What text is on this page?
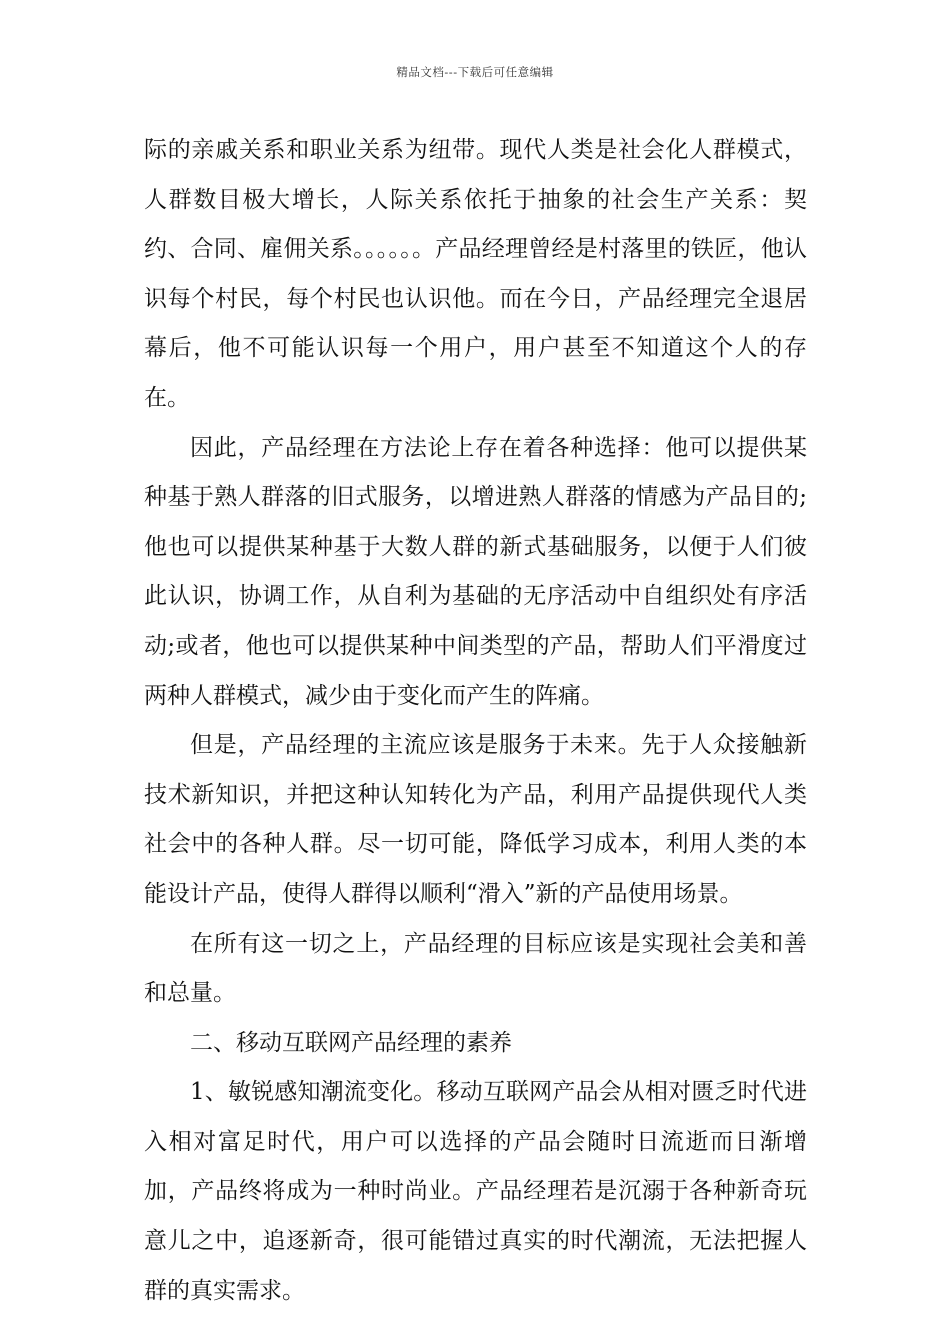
精品文档---下载后可任意编辑

际的亲戚关系和职业关系为纽带。现代人类是社会化人群模式，人群数目极大增长，人际关系依托于抽象的社会生产关系：契约、合同、雇佣关系。。。。。。产品经理曾经是村落里的铁匠，他认识每个村民，每个村民也认识他。而在今日，产品经理完全退居幕后，他不可能认识每一个用户，用户甚至不知道这个人的存在。

因此，产品经理在方法论上存在着各种选择：他可以提供某种基于熟人群落的旧式服务，以增进熟人群落的情感为产品目的;他也可以提供某种基于大数人群的新式基础服务，以便于人们彼此认识，协调工作，从自利为基础的无序活动中自组织处有序活动;或者，他也可以提供某种中间类型的产品，帮助人们平滑度过两种人群模式，减少由于变化而产生的阵痛。

但是，产品经理的主流应该是服务于未来。先于人众接触新技术新知识，并把这种认知转化为产品，利用产品提供现代人类社会中的各种人群。尽一切可能，降低学习成本，利用人类的本能设计产品，使得人群得以顺利“滑入”新的产品使用场景。

在所有这一切之上，产品经理的目标应该是实现社会美和善和总量。

二、移动互联网产品经理的素养

1、敏锐感知潮流变化。移动互联网产品会从相对匮乏时代进入相对富足时代，用户可以选择的产品会随时日流逝而日渐增加，产品终将成为一种时尚业。产品经理若是沉溺于各种新奇玩意儿之中，追逐新奇，很可能错过真实的时代潮流，无法把握人群的真实需求。
